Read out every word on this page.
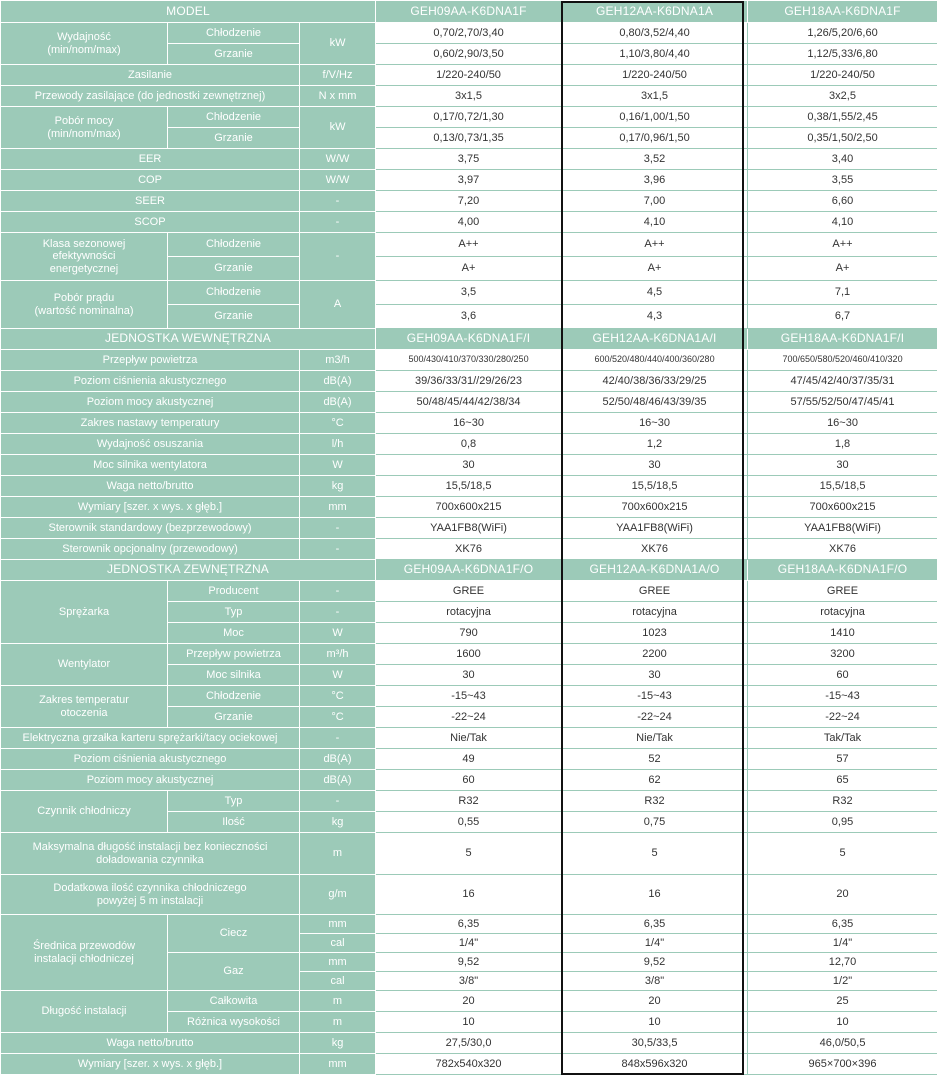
MODEL			GEH09AA-K6DNA1F	GEH12AA-K6DNA1A	GEH18AA-K6DNA1F
Wydajność
(min/nom/max)	Chłodzenie	kW	0,70/2,70/3,40	0,80/3,52/4,40	1,26/5,20/6,60
	Grzanie		0,60/2,90/3,50	1,10/3,80/4,40	1,12/5,33/6,80
Zasilanie		f/V/Hz	1/220-240/50	1/220-240/50	1/220-240/50
Przewody zasilające (do jednostki zewnętrznej)		N x mm	3x1,5	3x1,5	3x2,5
Pobór mocy
(min/nom/max)	Chłodzenie	kW	0,17/0,72/1,30	0,16/1,00/1,50	0,38/1,55/2,45
	Grzanie		0,13/0,73/1,35	0,17/0,96/1,50	0,35/1,50/2,50
EER		W/W	3,75	3,52	3,40
COP		W/W	3,97	3,96	3,55
SEER		-	7,20	7,00	6,60
SCOP		-	4,00	4,10	4,10
Klasa sezonowej
efektywności
energetycznej	Chłodzenie	-	A++	A++	A++
	Grzanie		A+	A+	A+
Pobór prądu
(wartość nominalna)	Chłodzenie	A	3,5	4,5	7,1
	Grzanie		3,6	4,3	6,7
JEDNOSTKA WEWNĘTRZNA			GEH09AA-K6DNA1F/I	GEH12AA-K6DNA1A/I	GEH18AA-K6DNA1F/I
Przepływ powietrza		m3/h	500/430/410/370/330/280/250	600/520/480/440/400/360/280	700/650/580/520/460/410/320
Poziom ciśnienia akustycznego		dB(A)	39/36/33/31//29/26/23	42/40/38/36/33/29/25	47/45/42/40/37/35/31
Poziom mocy akustycznej		dB(A)	50/48/45/44/42/38/34	52/50/48/46/43/39/35	57/55/52/50/47/45/41
Zakres nastawy temperatury		°C	16~30	16~30	16~30
Wydajność osuszania		l/h	0,8	1,2	1,8
Moc silnika wentylatora		W	30	30	30
Waga netto/brutto		kg	15,5/18,5	15,5/18,5	15,5/18,5
Wymiary [szer. x wys. x głęb.]		mm	700x600x215	700x600x215	700x600x215
Sterownik standardowy (bezprzewodowy)		-	YAA1FB8(WiFi)	YAA1FB8(WiFi)	YAA1FB8(WiFi)
Sterownik opcjonalny (przewodowy)		-	XK76	XK76	XK76
JEDNOSTKA ZEWNĘTRZNA			GEH09AA-K6DNA1F/O	GEH12AA-K6DNA1A/O	GEH18AA-K6DNA1F/O
Sprężarka	Producent	-	GREE	GREE	GREE
	Typ	-	rotacyjna	rotacyjna	rotacyjna
	Moc	W	790	1023	1410
Wentylator	Przepływ powietrza	m³/h	1600	2200	3200
	Moc silnika	W	30	30	60
Zakres temperatur
otoczenia	Chłodzenie	°C	-15~43	-15~43	-15~43
	Grzanie	°C	-22~24	-22~24	-22~24
Elektryczna grzałka karteru sprężarki/tacy ociekowej		-	Nie/Tak	Nie/Tak	Tak/Tak
Poziom ciśnienia akustycznego		dB(A)	49	52	57
Poziom mocy akustycznej		dB(A)	60	62	65
Czynnik chłodniczy	Typ	-	R32	R32	R32
	Ilość	kg	0,55	0,75	0,95
Maksymalna długość instalacji bez konieczności
doładowania czynnika		m	5	5	5
Dodatkowa ilość czynnika chłodniczego
powyżej 5 m instalacji		g/m	16	16	20
Średnica przewodów
instalacji chłodniczej	Ciecz	mm	6,35	6,35	6,35
		cal	1/4"	1/4"	1/4"
	Gaz	mm	9,52	9,52	12,70
		cal	3/8"	3/8"	1/2"
Długość instalacji	Całkowita	m	20	20	25
	Różnica wysokości	m	10	10	10
Waga netto/brutto		kg	27,5/30,0	30,5/33,5	46,0/50,5
Wymiary [szer. x wys. x głęb.]		mm	782x540x320	848x596x320	965×700×396
